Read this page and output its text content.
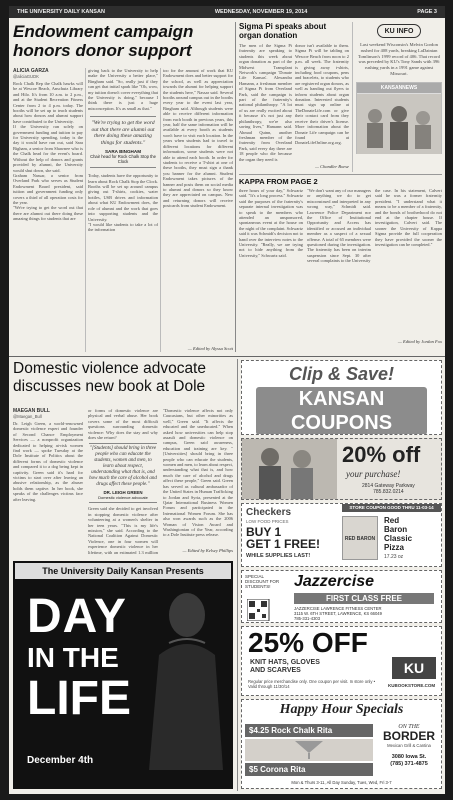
THE UNIVERSITY DAILY KANSAN	WEDNESDAY, NOVEMBER 19, 2014	PAGE 3
Endowment campaign honors donor support
ALICIA GARZA
@aliciaGUDK

Rock Chalk Rep the Chalk hawks will be at Wescoe Beach, Anschutz Library and Hilo. It's from 10 a.m. to 2 p.m., and at the Student Recreation Fitness Center from 2 to 4 p.m. today. The booths will be set up to teach students about how donors and alumni support have contributed to the University.

If the University ran solely on government funding and tuition to pay for University spending, today is the day it would have run out, said Sara Bigham, a senior from Shawnee who is the Chalk head for the event's board. Without the help of donors and grants provided by alumni, the University would shut down, she said.

Graham Nassar, a senior from Overland Park who serves as Student Endowment Board president, said tuition and government funding only covers a third of all operation costs for the year.

"We're trying to get the word out that there are alumni out there doing these amazing things for students that are

giving back to the University to help make the University a better place," Bingham said. "So, really just if they can get that initial spark like "Oh, wow, my tuition doesn't cover everything that the University is doing," because I think there is just a huge misconception. It's as small as that."

"We're trying to get the word out that there are alumni out there doing these amazing things for students."
SARA BINGHAM
Chair head for Rock Chalk Stop the Clock

Today, students have the opportunity to learn about Rock Chalk Stop the Clock. Booths will be set up around campus giving out T-shirts, cookies, water bottles, USB drives and information about what KU Endowment does, the role of alumni and the work that goes into supporting students and the University.

"I would like students to take a lot of the information

too for the amount of work that KU Endowment does and better support for the school, as well as appreciation towards the alumni for helping support the students here," Nassar said. Several booths around campus out in the booths every year to the event last year, Bingham said. Although students were able to receive different information from each booth in previous years, this year, half the same information will be available at every booth as students won't have to visit each location. In the years when students had to travel to different locations for different information, some students were not able to attend each booth. In order for students to receive a T-shirt at one of these booths, they must sign a thank you banner for the alumni. Student Endowment takes pictures of the banner and posts them on social media to alumni and donors so they know they are appreciated on campus. New and returning donors will receive postcards from student Endowment.

— Edited by Alyssa Scott
Sigma Pi speaks about organ donation

The men of the Sigma Pi fraternity are speaking to students this week about organ donation as part of the Midwest Transplant Network's campaign 'Donate Life Kansas'. Alexandra Hamann, a freshman member of Sigma Pi from Overland Park, said the campaign is part of the fraternity's national philanthropy. "A lot of us are really excited about it because it's not just any philanthropy, we're also saving lives," Hamann said. Ahmad Quinn, another freshman member of the fraternity from Overland Park, said every day there are 18 people who die because the organ they need is

donor isn't available to them. Sigma Pi will be tabling on Wescoe Beach from noon to 2 p.m. all week. The fraternity is giving away t-shirts, including food coupons, pens and bracelets, to students who are registered organ donors, as well as handing out flyers to inform students about organ donation. Interested students must sign up online at TheDonateLife.com or give their contact card from they receive their driver's license. More information about the Donate Life campaign can be found at DonateLifeOnline.org.org.

— Chandler Boese
KU INFO

Last weekend Wisconsin's Melvin Gordon rushed for 408 yards, breaking LaDainian Tomlinson's 1999 record of 406. That record was preceded by KU's Tony Sands with 396 rushing yards in a 1991 game against Missouri.

KANSANNEWS
KAPPA FROM PAGE 2

three hours of your day," Schwartz said. "It's a long process." Schwartz said the purposes of the fraternity's separate internal investigation was to speak to the members who attended an unsponsored, spontaneous event at the house on the night of the complaint. Schwartz said it was Schmidt's decision not to hand over the interview notes to the University. "Really, we are trying not to hide anything from the University," Schwartz said.

"We don't want any of our managers or anything we do to get misconstrued and interpreted in any wrong way," Schmidt said. Lawrence Police Department nor the Office of Institutional Opportunity and Access has identified or accused an individual member as a suspect of a sexual offense. A total of 65 members were questioned during the investigation. The fraternity has been on interim suspension since Sept. 30 after several complaints to the University

the case. In his statement, Calvert said he was a former fraternity president. "I understand what it means to be a member of a fraternity, and the bonds of brotherhood do not end at the chapter house. If investigation, Calvert said. The sooner the University of Kappa Sigma provide the full cooperation they have provided the sooner the investigation can be completed."

— Edited by Jordan Fox
Domestic violence advocate discusses new book at Dole
MAEGAN BULL
@Maegan_Bull

Dr. Leigh Green, a world-renowned domestic violence expert and founder of Second Chance Employment Services — a nonprofit organization dedicated to helping at-risk women find work — spoke Tuesday at the Dole Institute of Politics about the different forms of domestic violence and compared it to a dog being kept in captivity. Green said it's hard for victims to start over after leaving an abusive relationship, as the abuser holds them captive. In her book, she speaks of the challenges victims face after leaving.

or forms of domestic violence are physical and verbal abuse. Her book covers some of the most difficult questions surrounding domestic violence: Why does the stay and why does she return?

"[Students] should bring in three people who can educate the students, women and men, to learn about respect, understanding what that is, and how much the care of alcohol and drugs affect these people."
DR. LEIGH GREEN
Domestic violence advocate

Green said she decided to get involved in stopping domestic violence after volunteering at a women's shelter in her teen years. "This is my life's mission," she said. According to the National Coalition Against Domestic Violence, one in four women will experience domestic violence in her lifetime, with an estimated 1.3 million

"Domestic violence affects not only Caucasians, but other minorities as well," Green said. "It affects the educated and the uneducated." When asked how universities can help stop assault and domestic violence on campus, Green said awareness, education and training are key. "[Universities] should bring in three people who can educate the students, women and men, to learn about respect, understanding what that is, and how much the care of alcohol and drugs affect these people," Green said. Green has served as cultural ambassador of the United States in Human Trafficking to Jordan and Syria, presented at the Qatar International Business Women Forum and participated in the International Women Forum. She has also won awards such as the 2006 Woman of Vision Award and Washingtonian of the Year, according to a Dole Institute press release.

— Edited by Kelsey Phillips
The University Daily Kansan Presents
DAY
IN THE
LIFE
December 4th
Clip & Save!
KANSAN COUPONS
20% off
your purchase!
2814 Gateway Parkway
785.832.0214
Checkers
LOW FOOD PRICES
STORE COUPON GOOD THRU 11-03-14
BUY 1
GET 1 FREE!
WHILE SUPPLIES LAST!
RED BARON
Red
Baron
Classic
Pizza
17.23 oz
SPECIAL DISCOUNT FOR STUDENTS!	Jazzercise
FIRST CLASS FREE
JAZZERCISE LAWRENCE FITNESS CENTER
3115 W. 6TH STREET, LAWRENCE, KS 66049
785-331-4303
25% OFF
KNIT HATS, GLOVES
AND SCARVES
Regular price merchandise only. One coupon per visit. In store only • Valid through 11/30/14
KU
KUBOOKSTORE.COM
Happy Hour Specials
$4.25 Rock Chalk Rita
$5 Corona Rita
ON THE
BORDER
Mexican Grill & Cantina
3080 Iowa St.
(785) 371-4875
Mon & Thurs 3-11, All Day Sunday, Tues, Wed, Fri 3-7
